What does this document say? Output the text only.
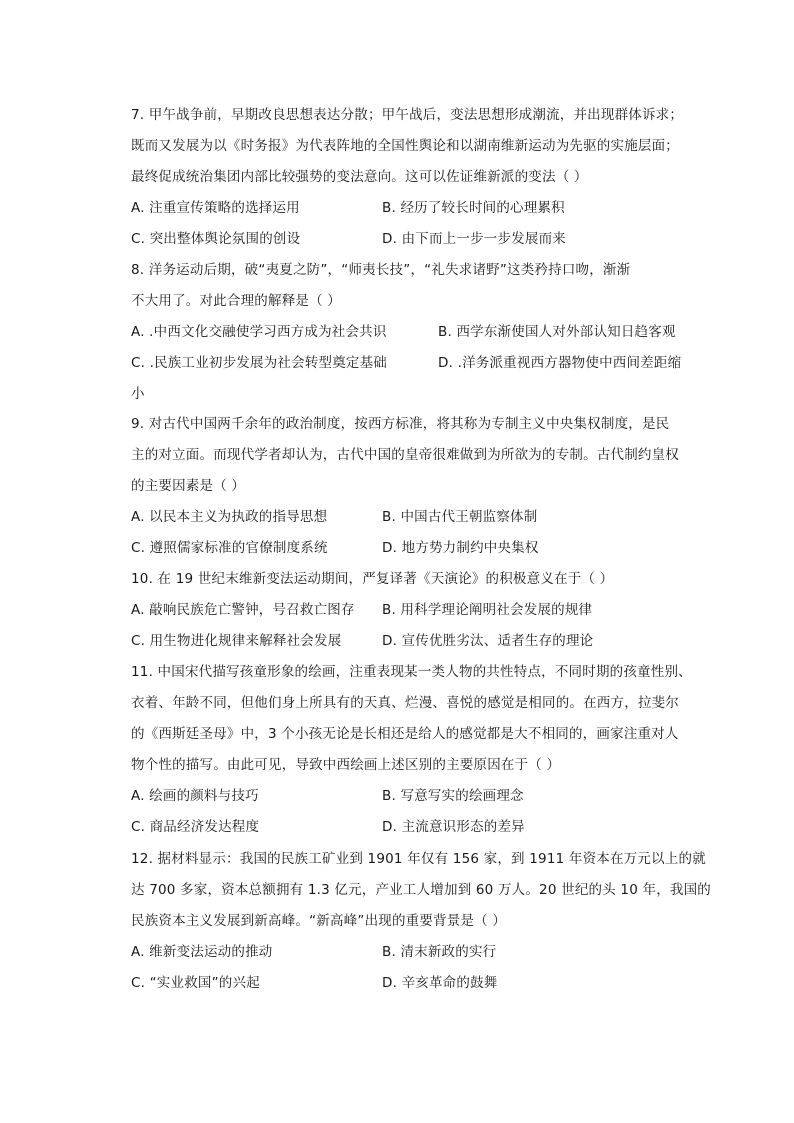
7. 甲午战争前，早期改良思想表达分散；甲午战后，变法思想形成潮流，并出现群体诉求；
既而又发展为以《时务报》为代表阵地的全国性舆论和以湖南维新运动为先驱的实施层面；
最终促成统治集团内部比较强势的变法意向。这可以佐证维新派的变法（ ）
A. 注重宣传策略的选择运用	B. 经历了较长时间的心理累积
C. 突出整体舆论氛围的创设	D. 由下而上一步一步发展而来
8. 洋务运动后期，破“夷夏之防”，“师夷长技”，“礼失求诸野”这类矜持口吻，渐渐
不大用了。对此合理的解释是（ ）
A. .中西文化交融使学习西方成为社会共识	B. 西学东渐使国人对外部认知日趋客观
C. .民族工业初步发展为社会转型奠定基础	D. .洋务派重视西方器物使中西间差距缩
小
9. 对古代中国两千余年的政治制度，按西方标准，将其称为专制主义中央集权制度，是民
主的对立面。而现代学者却认为，古代中国的皇帝很难做到为所欲为的专制。古代制约皇权
的主要因素是（ ）
A. 以民本主义为执政的指导思想	B. 中国古代王朝监察体制
C. 遵照儒家标准的官僚制度系统	D. 地方势力制约中央集权
10. 在 19 世纪末维新变法运动期间，严复译著《天演论》的积极意义在于（ ）
A. 敲响民族危亡警钟，号召救亡图存	B. 用科学理论阐明社会发展的规律
C. 用生物进化规律来解释社会发展	D. 宣传优胜劣汰、适者生存的理论
11. 中国宋代描写孩童形象的绘画，注重表现某一类人物的共性特点，不同时期的孩童性别、
衣着、年龄不同，但他们身上所具有的天真、烂漫、喜悦的感觉是相同的。在西方，拉斐尔
的《西斯廷圣母》中，3 个小孩无论是长相还是给人的感觉都是大不相同的，画家注重对人
物个性的描写。由此可见，导致中西绘画上述区别的主要原因在于（ ）
A. 绘画的颜料与技巧	B. 写意写实的绘画理念
C. 商品经济发达程度	D. 主流意识形态的差异
12. 据材料显示：我国的民族工矿业到 1901 年仅有 156 家，到 1911 年资本在万元以上的就
达 700 多家，资本总额拥有 1.3 亿元，产业工人增加到 60 万人。20 世纪的头 10 年，我国的
民族资本主义发展到新高峰。“新高峰”出现的重要背景是（ ）
A. 维新变法运动的推动	B. 清末新政的实行
C. “实业救国”的兴起	D. 辛亥革命的鼓舞
